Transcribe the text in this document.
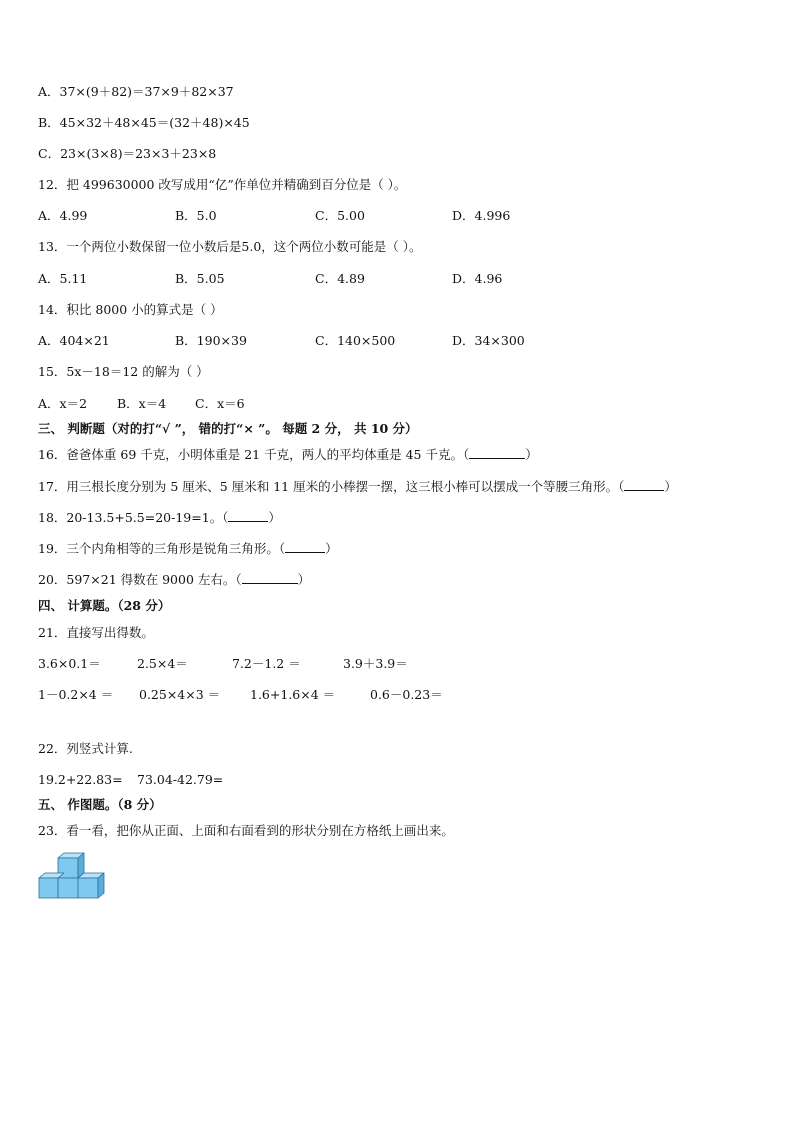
A．37×(9＋82)＝37×9＋82×37
B．45×32＋48×45＝(32＋48)×45
C．23×(3×8)＝23×3＋23×8
12．把 499630000 改写成用“亿”作单位并精确到百分位是（ ）。
A．4.99	B．5.0	C．5.00	D．4.996
13．一个两位小数保留一位小数后是5.0，这个两位小数可能是（ ）。
A．5.11	B．5.05	C．4.89	D．4.96
14．积比 8000 小的算式是（ ）
A．404×21	B．190×39	C．140×500	D．34×300
15．5x－18＝12 的解为（ ）
A．x＝2 B．x＝4 C．x＝6
三、 判断题（对的打“√ ”， 错的打“× ”。 每题 2 分， 共 10 分）
16．爸爸体重 69 千克，小明体重是 21 千克，两人的平均体重是 45 千克。（	）
17．用三根长度分别为 5 厘米、5 厘米和 11 厘米的小棒摆一摆，这三根小棒可以摆成一个等腰三角形。（	）
18．20-13.5+5.5=20-19=1。（	）
19．三个内角相等的三角形是锐角三角形。（	）
20．597×21 得数在 9000 左右。（	）
四、 计算题。（28 分）
21．直接写出得数。
3.6×0.1＝	2.5×4＝	7.2－1.2 ＝	3.9＋3.9＝
1－0.2×4 ＝ 0.25×4×3 ＝ 1.6+1.6×4 ＝	0.6－0.23＝
22．列竖式计算.
19.2+22.83= 73.04-42.79=
五、 作图题。（8 分）
23．看一看，把你从正面、上面和右面看到的形状分别在方格纸上画出来。
